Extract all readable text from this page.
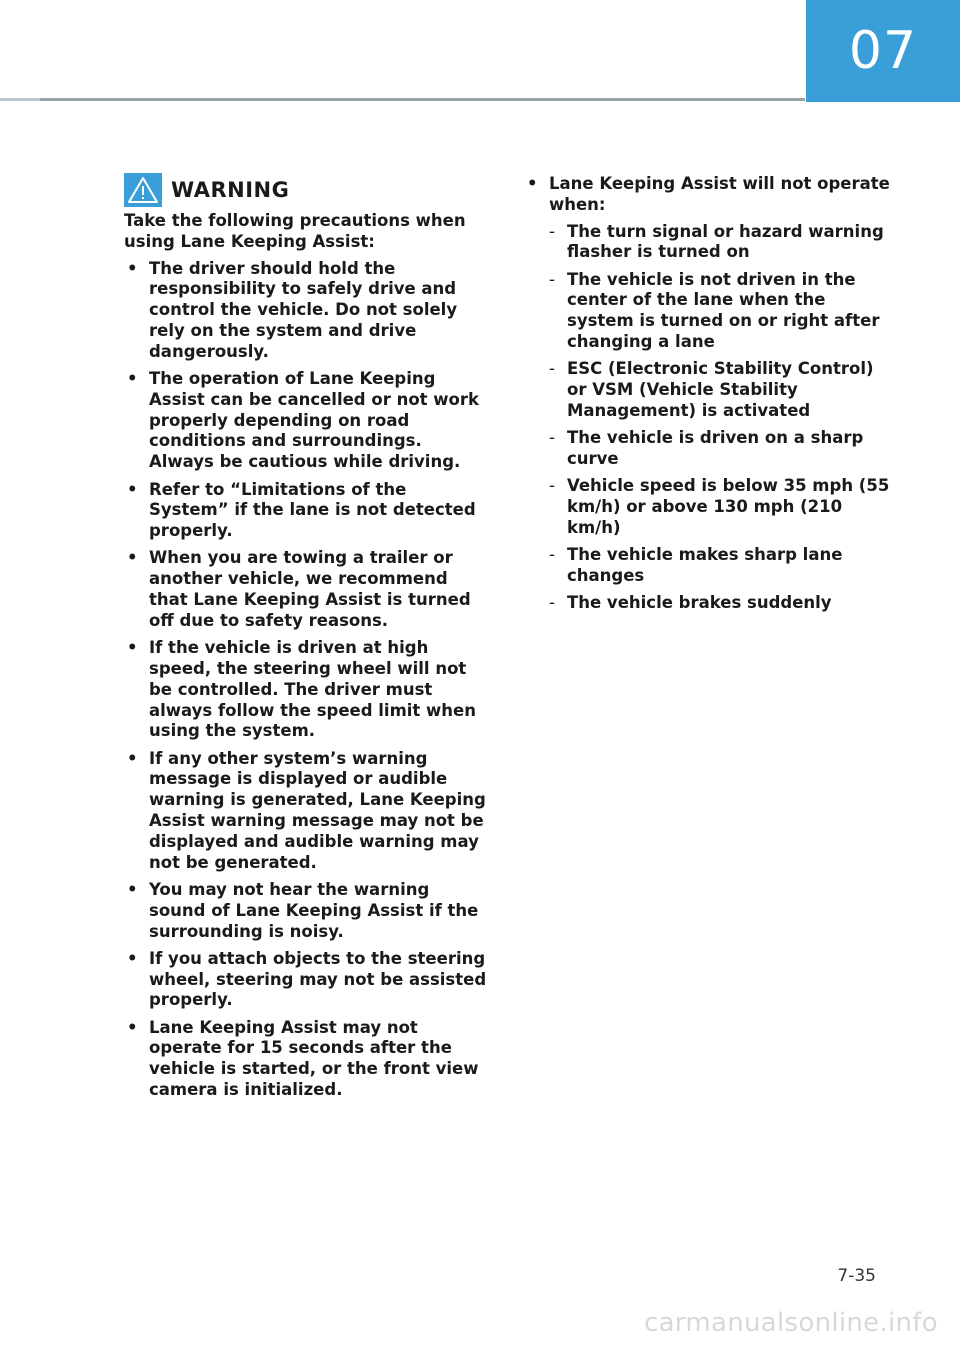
07
WARNING

Take the following precautions when using Lane Keeping Assist:

• The driver should hold the responsibility to safely drive and control the vehicle. Do not solely rely on the system and drive dangerously.
• The operation of Lane Keeping Assist can be cancelled or not work properly depending on road conditions and surroundings. Always be cautious while driving.
• Refer to “Limitations of the System” if the lane is not detected properly.
• When you are towing a trailer or another vehicle, we recommend that Lane Keeping Assist is turned off due to safety reasons.
• If the vehicle is driven at high speed, the steering wheel will not be controlled. The driver must always follow the speed limit when using the system.
• If any other system’s warning message is displayed or audible warning is generated, Lane Keeping Assist warning message may not be displayed and audible warning may not be generated.
• You may not hear the warning sound of Lane Keeping Assist if the surrounding is noisy.
• If you attach objects to the steering wheel, steering may not be assisted properly.
• Lane Keeping Assist may not operate for 15 seconds after the vehicle is started, or the front view camera is initialized.
• Lane Keeping Assist will not operate when:
- The turn signal or hazard warning flasher is turned on
- The vehicle is not driven in the center of the lane when the system is turned on or right after changing a lane
- ESC (Electronic Stability Control) or VSM (Vehicle Stability Management) is activated
- The vehicle is driven on a sharp curve
- Vehicle speed is below 35 mph (55 km/h) or above 130 mph (210 km/h)
- The vehicle makes sharp lane changes
- The vehicle brakes suddenly
7-35
carmanualsonline.info
